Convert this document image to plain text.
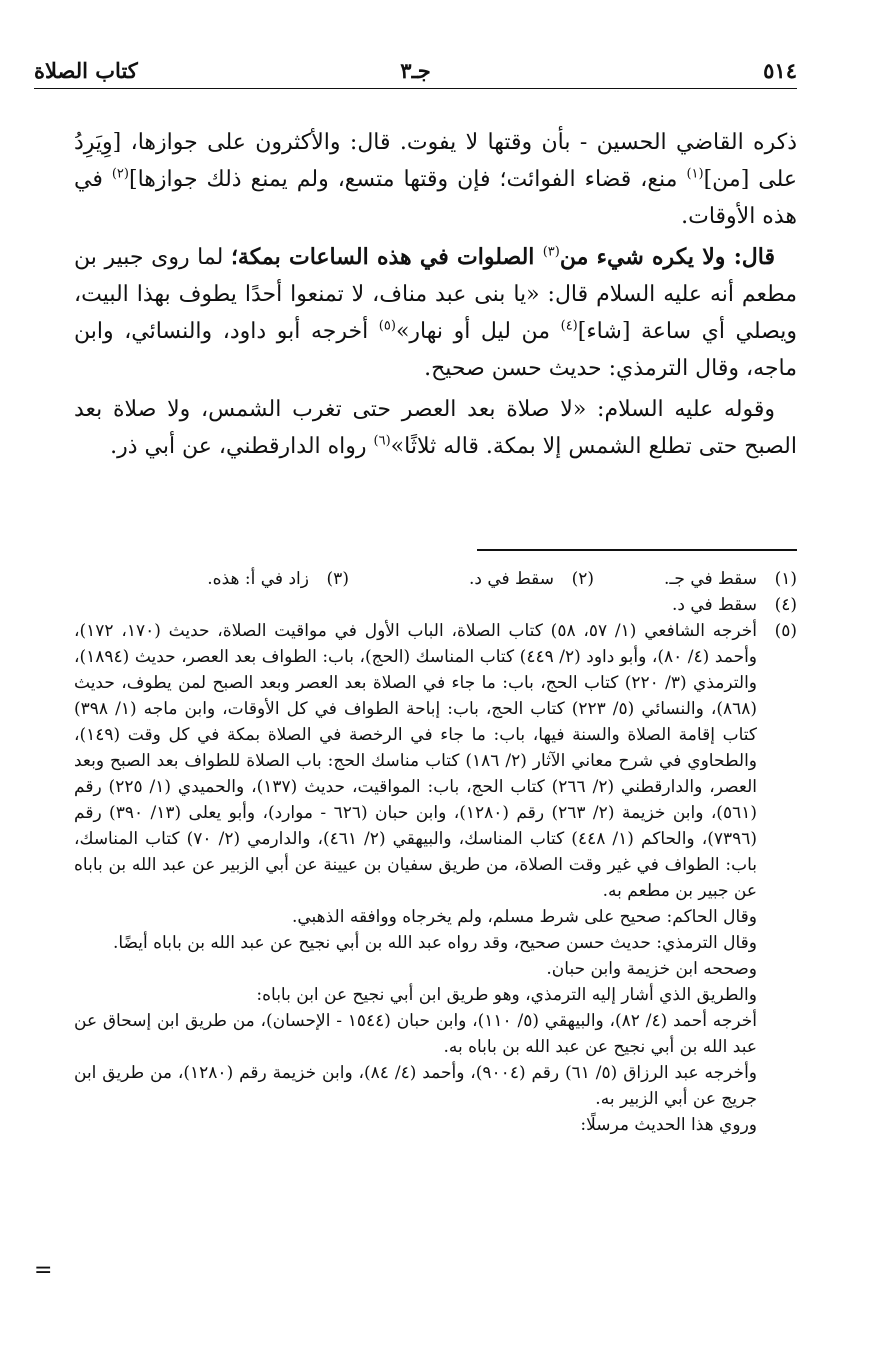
٥١٤
جـ٣
كتاب الصلاة

ذكره القاضي الحسين - بأن وقتها لا يفوت. قال: والأكثرون على جوازها، [وِيَرِدُ على [من]$^{(١)}$ منع، قضاء الفوائت؛ فإن وقتها متسع، ولم يمنع ذلك جوازها]$^{(٢)}$ في هذه الأوقات.

قال: ولا يكره شيء من$^{(٣)}$ الصلوات في هذه الساعات بمكة؛ لما روى جبير بن مطعم أنه عليه السلام قال: «يا بنى عبد مناف، لا تمنعوا أحدًا يطوف بهذا البيت، ويصلي أي ساعة [شاء]$^{(٤)}$ من ليل أو نهار»$^{(٥)}$ أخرجه أبو داود، والنسائي، وابن ماجه، وقال الترمذي: حديث حسن صحيح.

وقوله عليه السلام: «لا صلاة بعد العصر حتى تغرب الشمس، ولا صلاة بعد الصبح حتى تطلع الشمس إلا بمكة. قاله ثلاثًا»$^{(٦)}$ رواه الدارقطني، عن أبي ذر.

(١)
سقط في جـ.
(٢)
سقط في د.
(٣)
زاد في أ: هذه.
(٤)
سقط في د.
(٥)

أخرجه الشافعي (١/ ٥٧، ٥٨) كتاب الصلاة، الباب الأول في مواقيت الصلاة، حديث (١٧٠، ١٧٢)، وأحمد (٤/ ٨٠)، وأبو داود (٢/ ٤٤٩) كتاب المناسك (الحج)، باب: الطواف بعد العصر، حديث (١٨٩٤)، والترمذي (٣/ ٢٢٠) كتاب الحج، باب: ما جاء في الصلاة بعد العصر وبعد الصبح لمن يطوف، حديث (٨٦٨)، والنسائي (٥/ ٢٢٣) كتاب الحج، باب: إباحة الطواف في كل الأوقات، وابن ماجه (١/ ٣٩٨) كتاب إقامة الصلاة والسنة فيها، باب: ما جاء في الرخصة في الصلاة بمكة في كل وقت (١٤٩)، والطحاوي في شرح معاني الآثار (٢/ ١٨٦) كتاب مناسك الحج: باب الصلاة للطواف بعد الصبح وبعد العصر، والدارقطني (٢/ ٢٦٦) كتاب الحج، باب: المواقيت، حديث (١٣٧)، والحميدي (١/ ٢٢٥) رقم (٥٦١)، وابن خزيمة (٢/ ٢٦٣) رقم (١٢٨٠)، وابن حبان (٦٢٦ - موارد)، وأبو يعلى (١٣/ ٣٩٠) رقم (٧٣٩٦)، والحاكم (١/ ٤٤٨) كتاب المناسك، والبيهقي (٢/ ٤٦١)، والدارمي (٢/ ٧٠) كتاب المناسك، باب: الطواف في غير وقت الصلاة، من طريق سفيان بن عيينة عن أبي الزبير عن عبد الله بن باباه عن جبير بن مطعم به.

وقال الحاكم: صحيح على شرط مسلم، ولم يخرجاه ووافقه الذهبي.

وقال الترمذي: حديث حسن صحيح، وقد رواه عبد الله بن أبي نجيح عن عبد الله بن باباه أيضًا.

وصححه ابن خزيمة وابن حبان.

والطريق الذي أشار إليه الترمذي، وهو طريق ابن أبي نجيح عن ابن باباه:

أخرجه أحمد (٤/ ٨٢)، والبيهقي (٥/ ١١٠)، وابن حبان (١٥٤٤ - الإحسان)، من طريق ابن إسحاق عن عبد الله بن أبي نجيح عن عبد الله بن باباه به.

وأخرجه عبد الرزاق (٥/ ٦١) رقم (٩٠٠٤)، وأحمد (٤/ ٨٤)، وابن خزيمة رقم (١٢٨٠)، من طريق ابن جريج عن أبي الزبير به.

وروي هذا الحديث مرسلًا:

=
